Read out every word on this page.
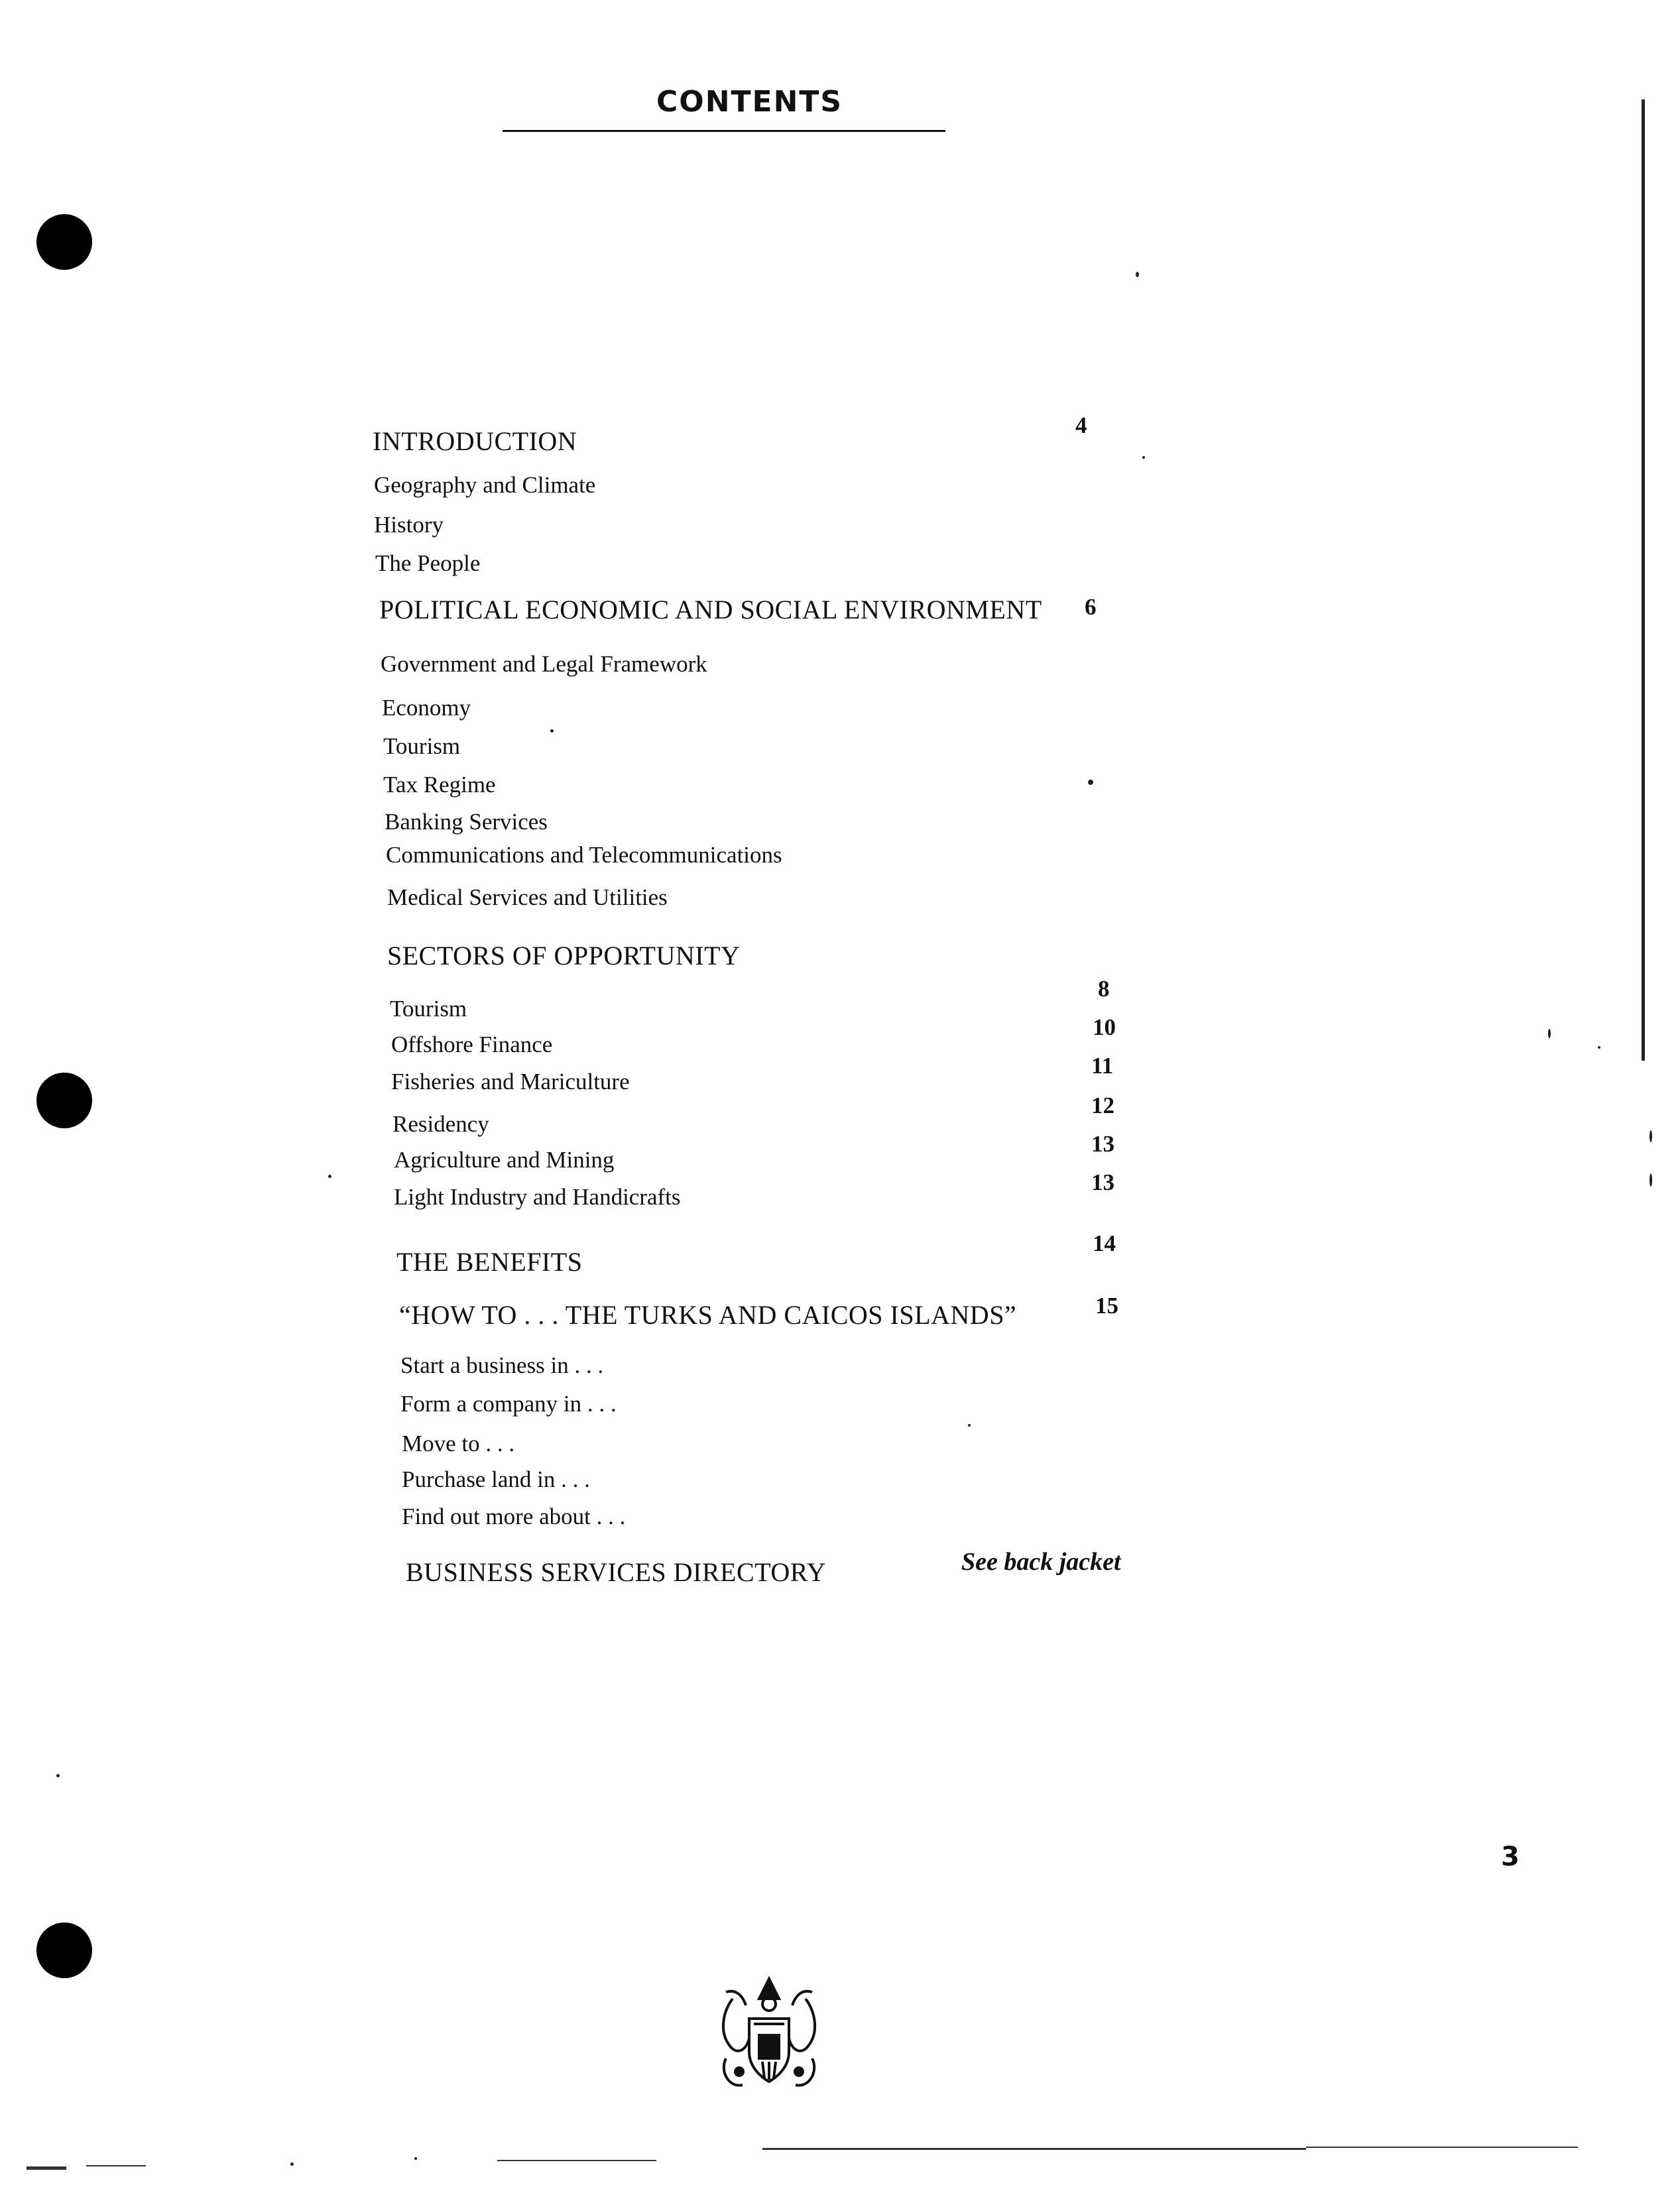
CONTENTS
INTRODUCTION
4
Geography and Climate
History
The People
POLITICAL ECONOMIC AND SOCIAL ENVIRONMENT 6
Government and Legal Framework
Economy
Tourism
Tax Regime
Banking Services
Communications and Telecommunications
Medical Services and Utilities
SECTORS OF OPPORTUNITY
Tourism
8
Offshore Finance
10
Fisheries and Mariculture
11
Residency
12
Agriculture and Mining
13
Light Industry and Handicrafts
13
THE BENEFITS
14
“HOW TO . . . THE TURKS AND CAICOS ISLANDS”	15
Start a business in . . .
Form a company in . . .
Move to . . .
Purchase land in . . .
Find out more about . . .
BUSINESS SERVICES DIRECTORY	See back jacket
3
